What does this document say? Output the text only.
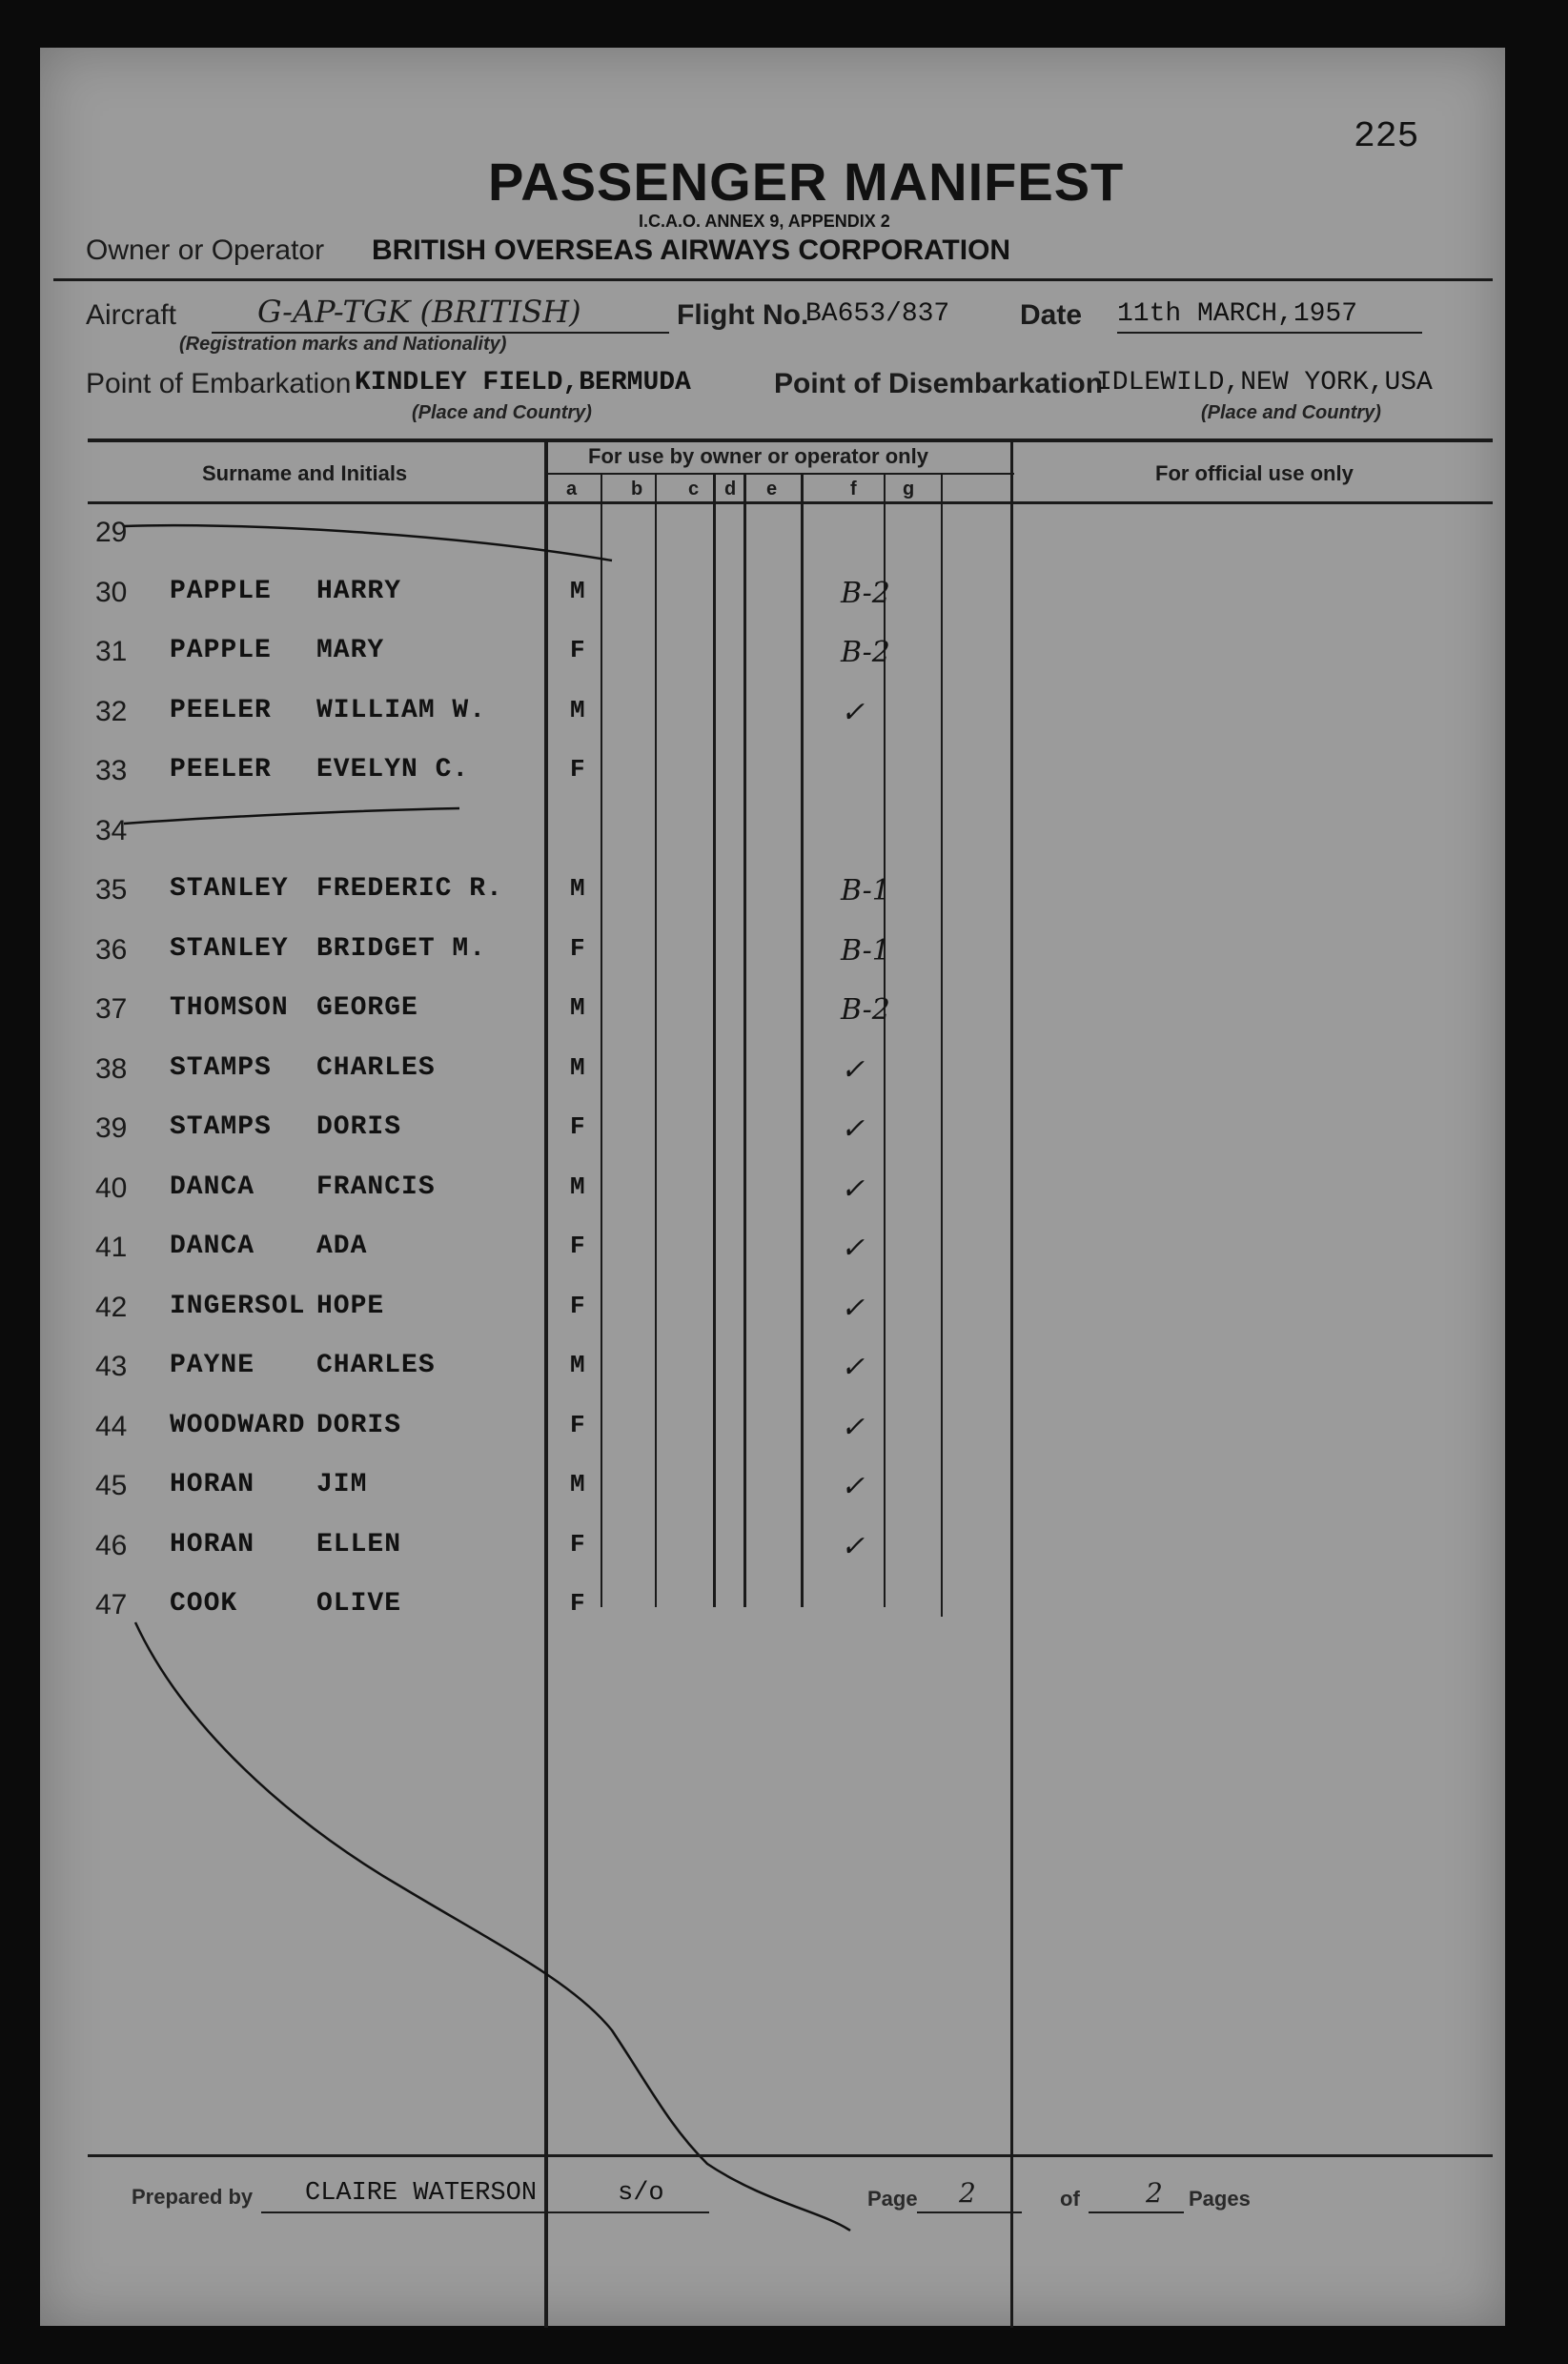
225
PASSENGER MANIFEST
I.C.A.O. ANNEX 9, APPENDIX 2
Owner or Operator BRITISH OVERSEAS AIRWAYS CORPORATION
Aircraft	G-AP-TGK (BRITISH)
(Registration marks and Nationality)
Flight No.
BA653/837 Date 11th MARCH,1957
Point of Embarkation KINDLEY FIELD,BERMUDA
(Place and Country)
Point of Disembarkation
IDLEWILD,NEW YORK,USA
(Place and Country)
Surname and Initials
For use by owner or operator only
For official use only
a	b c d e	f g
29
30 PAPPLE HARRY	M	B-2
31 PAPPLE MARY	F	B-2
32 PEELER WILLIAM W.	M	✓
33 PEELER EVELYN C.	F
34
35 STANLEY FREDERIC R.	M	B-1
36 STANLEY BRIDGET M.	F	B-1
37 THOMSON GEORGE	M	B-2
38 STAMPS CHARLES	M	✓
39 STAMPS DORIS	F	✓
40 DANCA FRANCIS	M	✓
41 DANCA ADA	F	✓
42 INGERSOL HOPE	F	✓
43 PAYNE CHARLES	M	✓
44 WOODWARD DORIS	F	✓
45 HORAN JIM	M	✓
46 HORAN ELLEN	F	✓
47 COOK	OLIVE	F
Prepared by CLAIRE WATERSON	s/o	Page 2	of 2 Pages
